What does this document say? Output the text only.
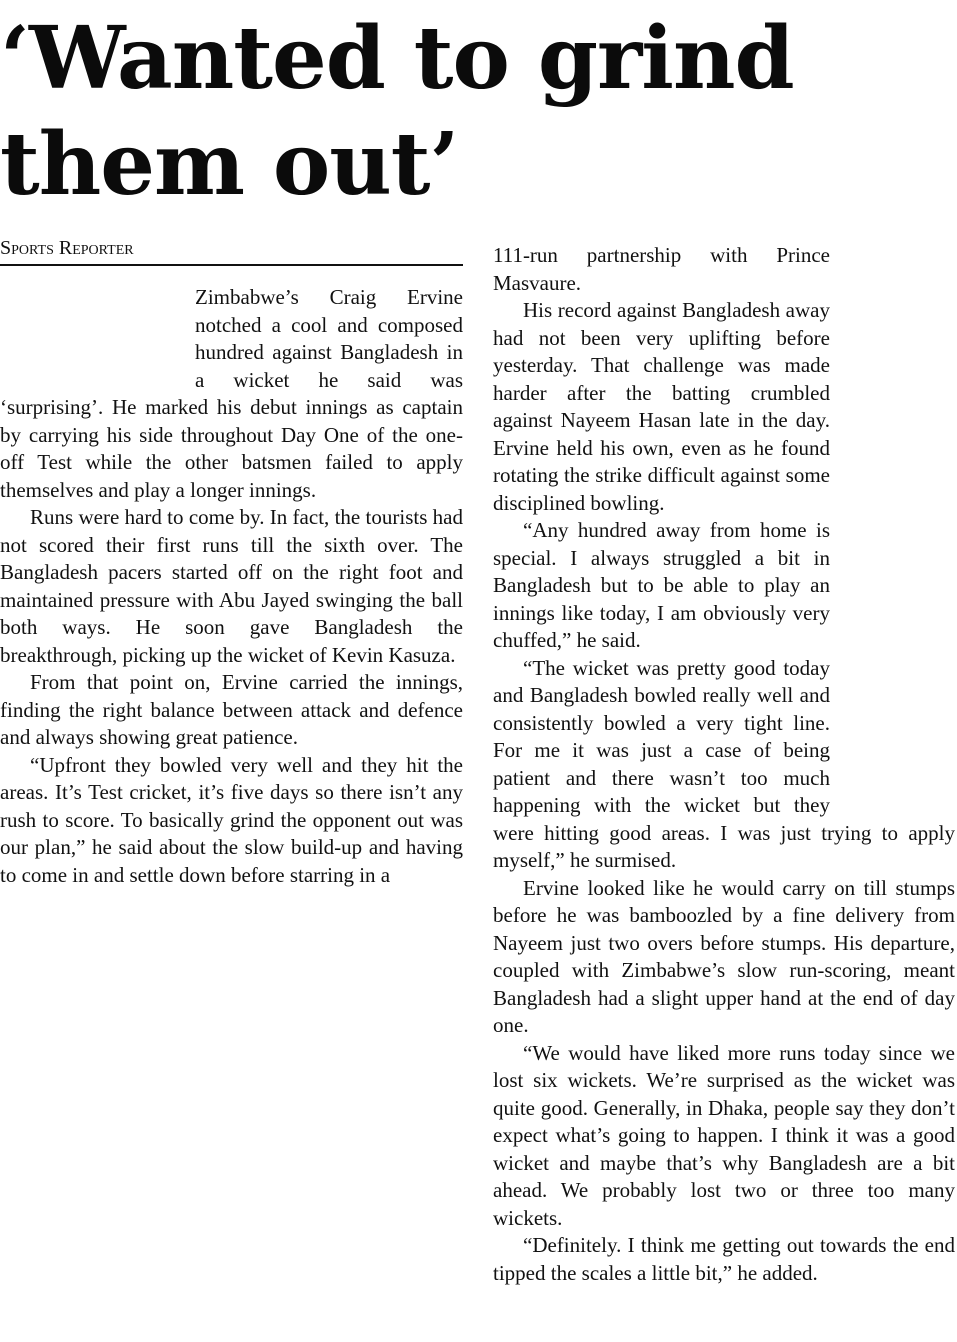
‘Wanted to grind them out’
Sports Reporter

Zimbabwe’s Craig Ervine notched a cool and composed hundred against Bangladesh in a wicket he said was ‘surprising’. He marked his debut innings as captain by carrying his side throughout Day One of the one-off Test while the other batsmen failed to apply themselves and play a longer innings.

Runs were hard to come by. In fact, the tourists had not scored their first runs till the sixth over. The Bangladesh pacers started off on the right foot and maintained pressure with Abu Jayed swinging the ball both ways. He soon gave Bangladesh the breakthrough, picking up the wicket of Kevin Kasuza.

From that point on, Ervine carried the innings, finding the right balance between attack and defence and always showing great patience.

“Upfront they bowled very well and they hit the areas. It’s Test cricket, it’s five days so there isn’t any rush to score. To basically grind the opponent out was our plan,” he said about the slow build-up and having to come in and settle down before starring in a

111-run partnership with Prince Masvaure.

His record against Bangladesh away had not been very uplifting before yesterday. That challenge was made harder after the batting crumbled against Nayeem Hasan late in the day. Ervine held his own, even as he found rotating the strike difficult against some disciplined bowling.

“Any hundred away from home is special. I always struggled a bit in Bangladesh but to be able to play an innings like today, I am obviously very chuffed,” he said.

“The wicket was pretty good today and Bangladesh bowled really well and consistently bowled a very tight line. For me it was just a case of being patient and there wasn’t too much happening with the wicket but they were hitting good areas. I was just trying to apply myself,” he surmised.

Ervine looked like he would carry on till stumps before he was bamboozled by a fine delivery from Nayeem just two overs before stumps. His departure, coupled with Zimbabwe’s slow run-scoring, meant Bangladesh had a slight upper hand at the end of day one.

“We would have liked more runs today since we lost six wickets. We’re surprised as the wicket was quite good. Generally, in Dhaka, people say they don’t expect what’s going to happen. I think it was a good wicket and maybe that’s why Bangladesh are a bit ahead. We probably lost two or three too many wickets.

“Definitely. I think me getting out towards the end tipped the scales a little bit,” he added.
